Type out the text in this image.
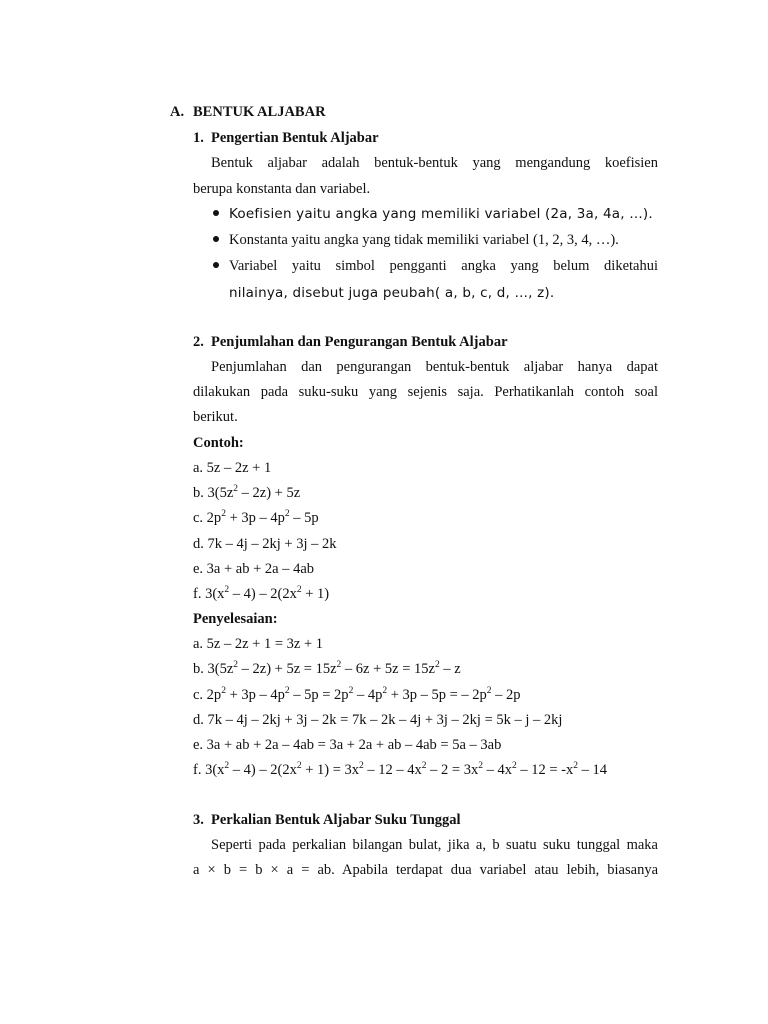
A. BENTUK ALJABAR
1. Pengertian Bentuk Aljabar
Bentuk aljabar adalah bentuk-bentuk yang mengandung koefisien
berupa konstanta dan variabel.
Koefisien yaitu angka yang memiliki variabel (2a, 3a, 4a, …).
Konstanta yaitu angka yang tidak memiliki variabel (1, 2, 3, 4, …).
Variabel yaitu simbol pengganti angka yang belum diketahui
nilainya, disebut juga peubah( a, b, c, d, …, z).
2. Penjumlahan dan Pengurangan Bentuk Aljabar
Penjumlahan dan pengurangan bentuk-bentuk aljabar hanya dapat
dilakukan pada suku-suku yang sejenis saja. Perhatikanlah contoh soal
berikut.
Contoh:
a. 5z – 2z + 1
b. $3(5z^2 - 2z) + 5z$
c. $2p^2 + 3p - 4p^2 - 5p$
d. 7k – 4j – 2kj + 3j – 2k
e. 3a + ab + 2a – 4ab
f. $3(x^2 - 4) - 2(2x^2 + 1)$
Penyelesaian:
a. 5z – 2z + 1 = 3z + 1
b. $3(5z^2 - 2z) + 5z = 15z^2 - 6z + 5z = 15z^2 - z$
c. $2p^2 + 3p - 4p^2 - 5p = 2p^2 - 4p^2 + 3p - 5p$ = – $2p^2 - 2p$
d. 7k – 4j – 2kj + 3j – 2k = 7k – 2k – 4j + 3j – 2kj = 5k – j – 2kj
e. 3a + ab + 2a – 4ab = 3a + 2a + ab – 4ab = 5a – 3ab
f. $3(x^2 - 4) - 2(2x^2 + 1) = 3x^2 - 12 - 4x^2 - 2 = 3x^2 - 4x^2 - 12 = -x^2 - 14$
3. Perkalian Bentuk Aljabar Suku Tunggal
Seperti pada perkalian bilangan bulat, jika a, b suatu suku tunggal maka
a × b = b × a = ab. Apabila terdapat dua variabel atau lebih, biasanya
